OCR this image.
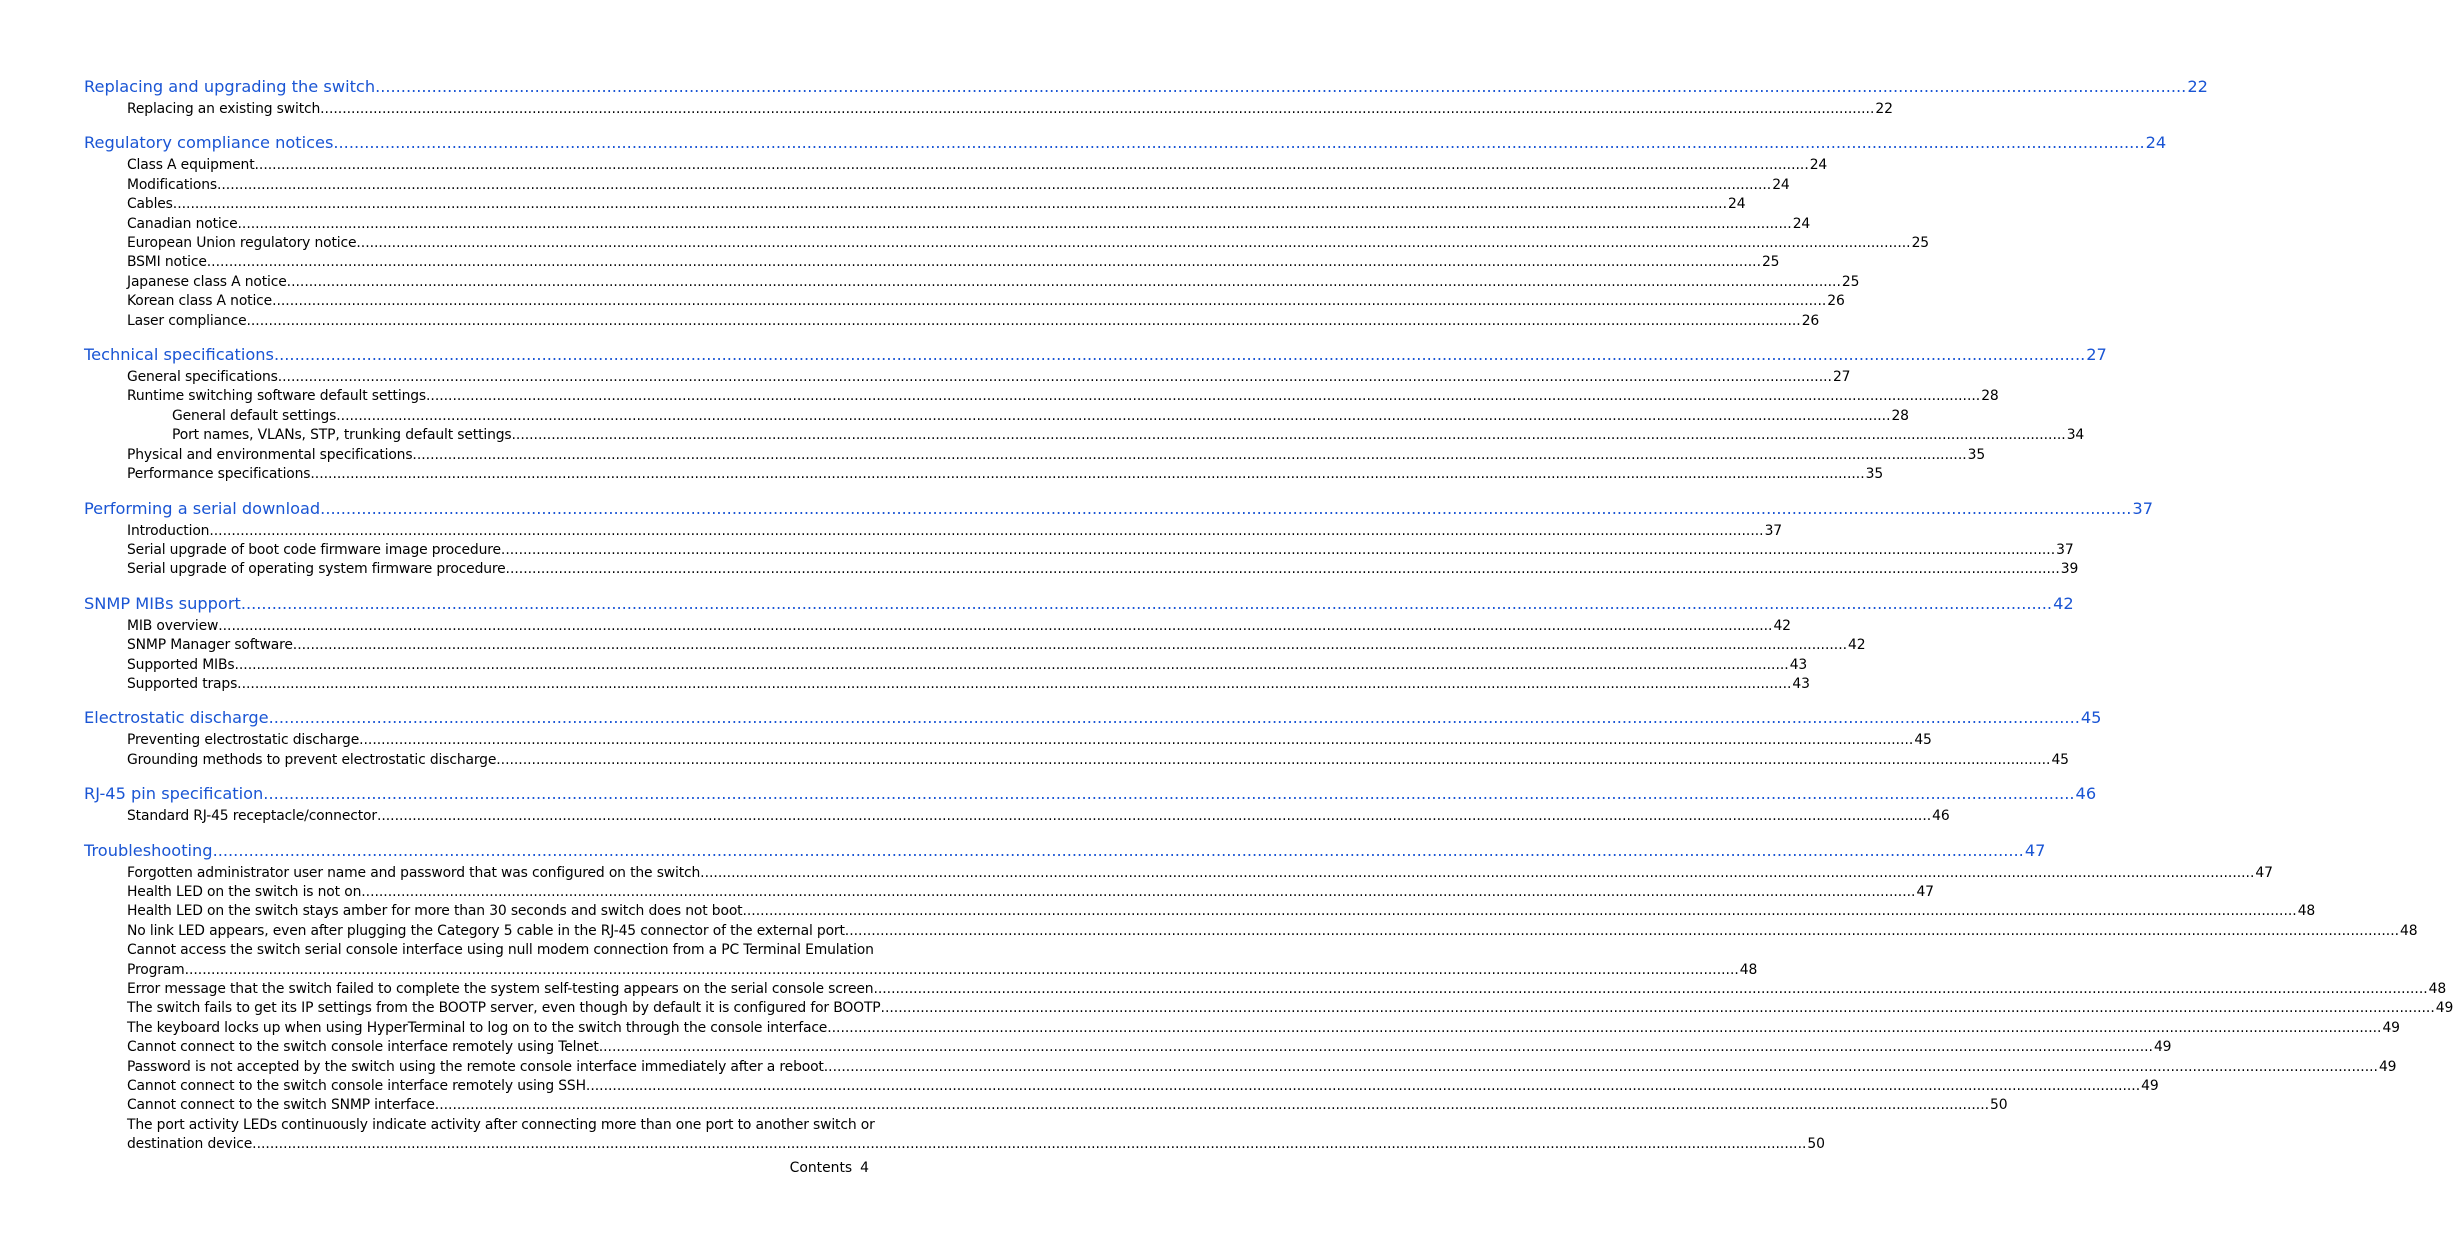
Replacing and upgrading the switch .....	22
Replacing an existing switch .....	22
Regulatory compliance notices .....	24
Class A equipment .....	24
Modifications .....	24
Cables .....	24
Canadian notice .....	24
European Union regulatory notice .....	25
BSMI notice .....	25
Japanese class A notice .....	25
Korean class A notice .....	26
Laser compliance .....	26
Technical specifications .....	27
General specifications .....	27
Runtime switching software default settings .....	28
General default settings .....	28
Port names, VLANs, STP, trunking default settings .....	34
Physical and environmental specifications .....	35
Performance specifications .....	35
Performing a serial download .....	37
Introduction .....	37
Serial upgrade of boot code firmware image procedure .....	37
Serial upgrade of operating system firmware procedure .....	39
SNMP MIBs support .....	42
MIB overview .....	42
SNMP Manager software .....	42
Supported MIBs .....	43
Supported traps .....	43
Electrostatic discharge .....	45
Preventing electrostatic discharge .....	45
Grounding methods to prevent electrostatic discharge .....	45
RJ-45 pin specification .....	46
Standard RJ-45 receptacle/connector .....	46
Troubleshooting .....	47
Forgotten administrator user name and password that was configured on the switch .....	47
Health LED on the switch is not on .....	47
Health LED on the switch stays amber for more than 30 seconds and switch does not boot .....	48
No link LED appears, even after plugging the Category 5 cable in the RJ-45 connector of the external port .....	48
Cannot access the switch serial console interface using null modem connection from a PC Terminal Emulation
Program .....	48
Error message that the switch failed to complete the system self-testing appears on the serial console screen .....	48
The switch fails to get its IP settings from the BOOTP server, even though by default it is configured for BOOTP .....	49
The keyboard locks up when using HyperTerminal to log on to the switch through the console interface .....	49
Cannot connect to the switch console interface remotely using Telnet .....	49
Password is not accepted by the switch using the remote console interface immediately after a reboot .....	49
Cannot connect to the switch console interface remotely using SSH .....	49
Cannot connect to the switch SNMP interface .....	50
The port activity LEDs continuously indicate activity after connecting more than one port to another switch or
destination device .....	50
Contents 4
